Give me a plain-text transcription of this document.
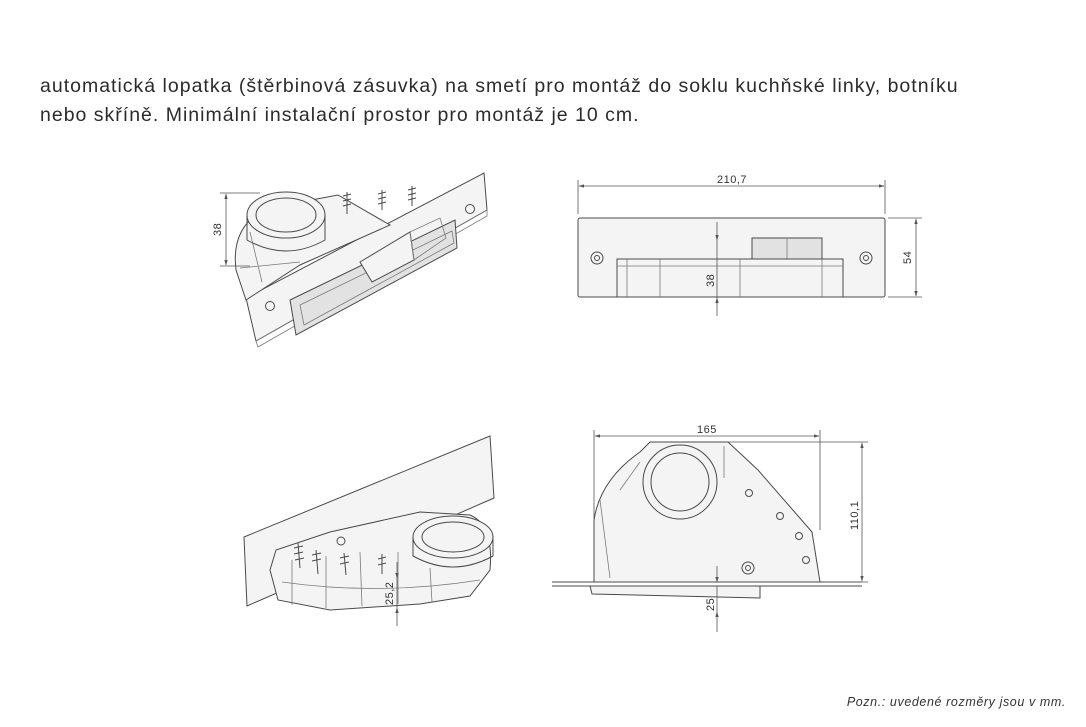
automatická lopatka (štěrbinová zásuvka) na smetí pro montáž do soklu kuchňské linky, botníku
nebo skříně. Minimální instalační prostor pro montáž je 10 cm.

38
210,7
54
38
25,2
165
110,1
25
Pozn.: uvedené rozměry jsou v mm.
